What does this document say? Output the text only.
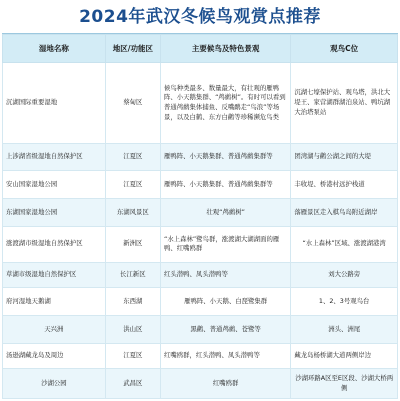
2024年武汉冬候鸟观赏点推荐
湿地名称	地区/功能区	主要候鸟及特色景观	观鸟C位
沉湖国际重要湿地	蔡甸区	候鸟种类最多、数量最大，有壮观的雁鸭阵、小天鹅集群、“鸬鹚树”。有时可以看到普通鸬鹚集体捕鱼、反嘴鹬走“鸟浪”等场景，以及白鹤、东方白鹳等珍稀濒危鸟类	沉湖七壕保护站、观鸟塔，洪北大堤王、家营湖群湖泊泉站、鸭坑湖大治塔泵站
上涉湖省级湿地自然保护区	江夏区	雁鸭阵、小天鹅集群、普通鸬鹚集群等	团湾湖与鹳公湖之间的大堤
安山国家湿地公园	江夏区	雁鸭阵、小天鹅集群、普通鸬鹚集群等	丰收堤、桥港村远护栈道
东湖国家湿地公园	东湖风景区	壮观“鸬鹚树”	落雁景区走入棋鸟岛附近湖岸
涨渡湖市级湿地自然保护区	新洲区	“水上森林”鹭鸟群，涨渡湖大湖湖面的雁鸭、红嘴鸥群	“水上森林”区域、涨渡湖港湾
草湖市级湿地自然保护区	长江新区	红头潜鸭、凤头潜鸭等	刘大公路旁
府河湿地天鹅湖	东西湖	雁鸭阵、小天鹅、白琵鹭集群	1、2、3号观鸟台
天兴洲	洪山区	黑鹳、普通鸬鹚、苍鹭等	洲头、洲尾
汤逊湖藏龙岛及周边	江夏区	红嘴鸥群，红头潜鸭、凤头潜鸭等	藏龙岛杨桥湖大道两侧岸边
沙湖公园	武昌区	红嘴鸥群	沙湖环路A区至E区段、沙湖大桥两侧
